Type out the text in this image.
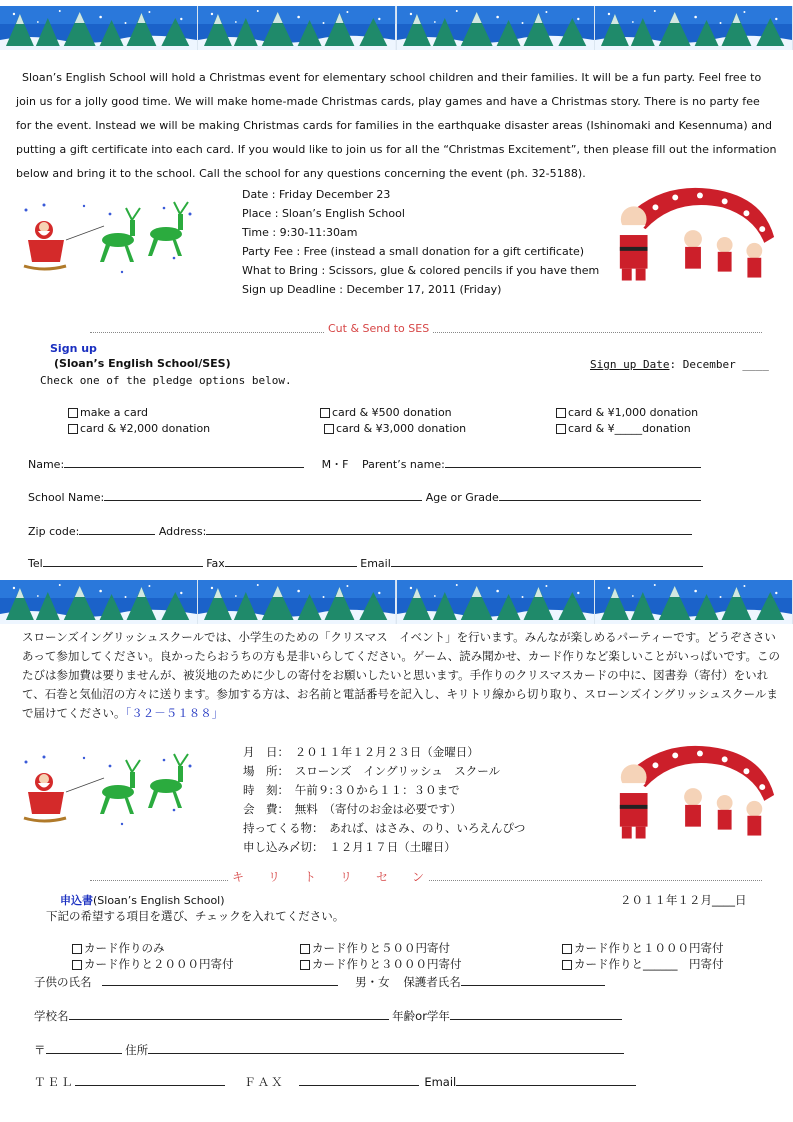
Sloan’s English School will hold a Christmas event for elementary school children and their families. It will be a fun party. Feel free to join us for a jolly good time. We will make home-made Christmas cards, play games and have a Christmas story. There is no party fee for the event. Instead we will be making Christmas cards for families in the earthquake disaster areas (Ishinomaki and Kesennuma) and putting a gift certificate into each card. If you would like to join us for all the “Christmas Excitement”, then please fill out the information below and bring it to the school. Call the school for any questions concerning the event (ph. 32-5188).
Date : Friday December 23
Place : Sloan’s English School
Time : 9:30-11:30am
Party Fee : Free (instead a small donation for a gift certificate)
What to Bring : Scissors, glue & colored pencils if you have them
Sign up Deadline : December 17, 2011 (Friday)
Cut & Send to SES
Sign up
(Sloan’s English School/SES)	Sign up Date: December ____
Check one of the pledge options below.
make a card	card & ¥500 donation	card & ¥1,000 donation
card & ¥2,000 donation	card & ¥3,000 donation	card & ¥_____donation
Name:	M・F Parent’s name:
School Name:	Age or Grade
Zip code:	Address:
Tel	Fax	Email
スローンズイングリッシュスクールでは、小学生のための「クリスマス　イベント」を行います。みんなが楽しめるパーティーです。どうぞささいあって参加してください。良かったらおうちの方も是非いらしてください。ゲーム、読み聞かせ、カード作りなど楽しいことがいっぱいです。このたびは参加費は要りませんが、被災地のために少しの寄付をお願いしたいと思います。手作りのクリスマスカードの中に、図書券（寄付）をいれて、石巻と気仙沼の方々に送ります。参加する方は、お名前と電話番号を記入し、キリトリ線から切り取り、スローンズイングリッシュスクールまで届けてください。「３２－５１８８」
月　日：　２０１１年１２月２３日（金曜日）
場　所：　スローンズ　イングリッシュ　スクール
時　刻：　午前９:３０から１１：３０まで
会　費：　無料　（寄付のお金は必要です）
持ってくる物：　あれば、はさみ、のり、いろえんぴつ
申し込み〆切：　１２月１７日（土曜日）
キ　　リ　　ト　　リ　　セ　　ン
申込書(Sloan’s English School)	２０１１年１２月____日
下記の希望する項目を選び、チェックを入れてください。
カード作りのみ	カード作りと５００円寄付	カード作りと１０００円寄付
カード作りと２０００円寄付	カード作りと３０００円寄付	カード作りと______　円寄付
子供の氏名	男・女 保護者氏名
学校名	年齢or学年
〒	住所
ＴＥＬ	ＦＡＸ	Email
